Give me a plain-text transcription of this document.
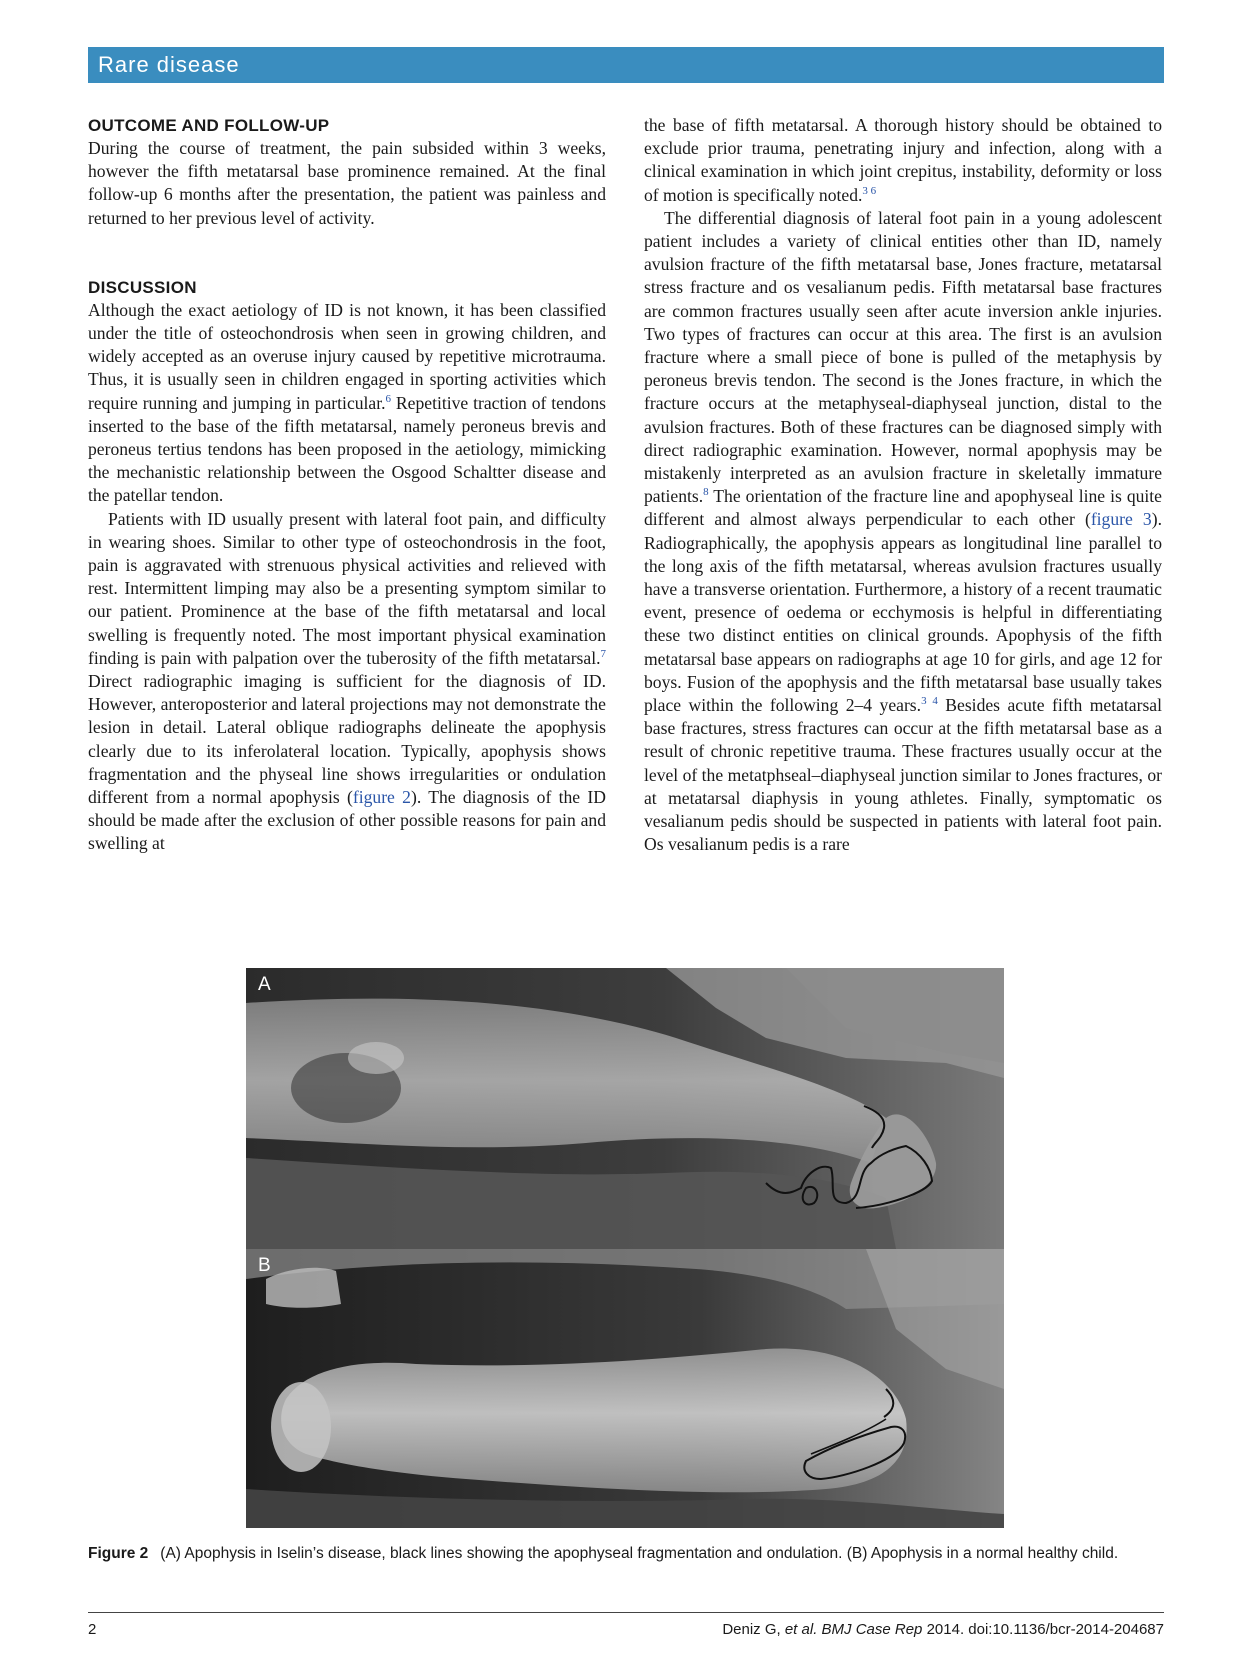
Rare disease
OUTCOME AND FOLLOW-UP

During the course of treatment, the pain subsided within 3 weeks, however the fifth metatarsal base prominence remained. At the final follow-up 6 months after the presentation, the patient was painless and returned to her previous level of activity.

DISCUSSION

Although the exact aetiology of ID is not known, it has been classified under the title of osteochondrosis when seen in growing children, and widely accepted as an overuse injury caused by repetitive microtrauma. Thus, it is usually seen in children engaged in sporting activities which require running and jumping in particular.$^6$ Repetitive traction of tendons inserted to the base of the fifth metatarsal, namely peroneus brevis and peroneus tertius tendons has been proposed in the aetiology, mimicking the mechanistic relationship between the Osgood Schaltter disease and the patellar tendon.

Patients with ID usually present with lateral foot pain, and difficulty in wearing shoes. Similar to other type of osteochondrosis in the foot, pain is aggravated with strenuous physical activities and relieved with rest. Intermittent limping may also be a presenting symptom similar to our patient. Prominence at the base of the fifth metatarsal and local swelling is frequently noted. The most important physical examination finding is pain with palpation over the tuberosity of the fifth metatarsal.$^7$ Direct radiographic imaging is sufficient for the diagnosis of ID. However, anteroposterior and lateral projections may not demonstrate the lesion in detail. Lateral oblique radiographs delineate the apophysis clearly due to its inferolateral location. Typically, apophysis shows fragmentation and the physeal line shows irregularities or ondulation different from a normal apophysis (figure 2). The diagnosis of the ID should be made after the exclusion of other possible reasons for pain and swelling at

the base of fifth metatarsal. A thorough history should be obtained to exclude prior trauma, penetrating injury and infection, along with a clinical examination in which joint crepitus, instability, deformity or loss of motion is specifically noted.$^{3 6}$

The differential diagnosis of lateral foot pain in a young adolescent patient includes a variety of clinical entities other than ID, namely avulsion fracture of the fifth metatarsal base, Jones fracture, metatarsal stress fracture and os vesalianum pedis. Fifth metatarsal base fractures are common fractures usually seen after acute inversion ankle injuries. Two types of fractures can occur at this area. The first is an avulsion fracture where a small piece of bone is pulled of the metaphysis by peroneus brevis tendon. The second is the Jones fracture, in which the fracture occurs at the metaphyseal-diaphyseal junction, distal to the avulsion fractures. Both of these fractures can be diagnosed simply with direct radiographic examination. However, normal apophysis may be mistakenly interpreted as an avulsion fracture in skeletally immature patients.$^8$ The orientation of the fracture line and apophyseal line is quite different and almost always perpendicular to each other (figure 3). Radiographically, the apophysis appears as longitudinal line parallel to the long axis of the fifth metatarsal, whereas avulsion fractures usually have a transverse orientation. Furthermore, a history of a recent traumatic event, presence of oedema or ecchymosis is helpful in differentiating these two distinct entities on clinical grounds. Apophysis of the fifth metatarsal base appears on radiographs at age 10 for girls, and age 12 for boys. Fusion of the apophysis and the fifth metatarsal base usually takes place within the following 2–4 years.$^{3 4}$ Besides acute fifth metatarsal base fractures, stress fractures can occur at the fifth metatarsal base as a result of chronic repetitive trauma. These fractures usually occur at the level of the metatphseal–diaphyseal junction similar to Jones fractures, or at metatarsal diaphysis in young athletes. Finally, symptomatic os vesalianum pedis should be suspected in patients with lateral foot pain. Os vesalianum pedis is a rare

A
B
Figure 2 (A) Apophysis in Iselin’s disease, black lines showing the apophyseal fragmentation and ondulation. (B) Apophysis in a normal healthy child.
2	Deniz G, et al. BMJ Case Rep 2014. doi:10.1136/bcr-2014-204687
